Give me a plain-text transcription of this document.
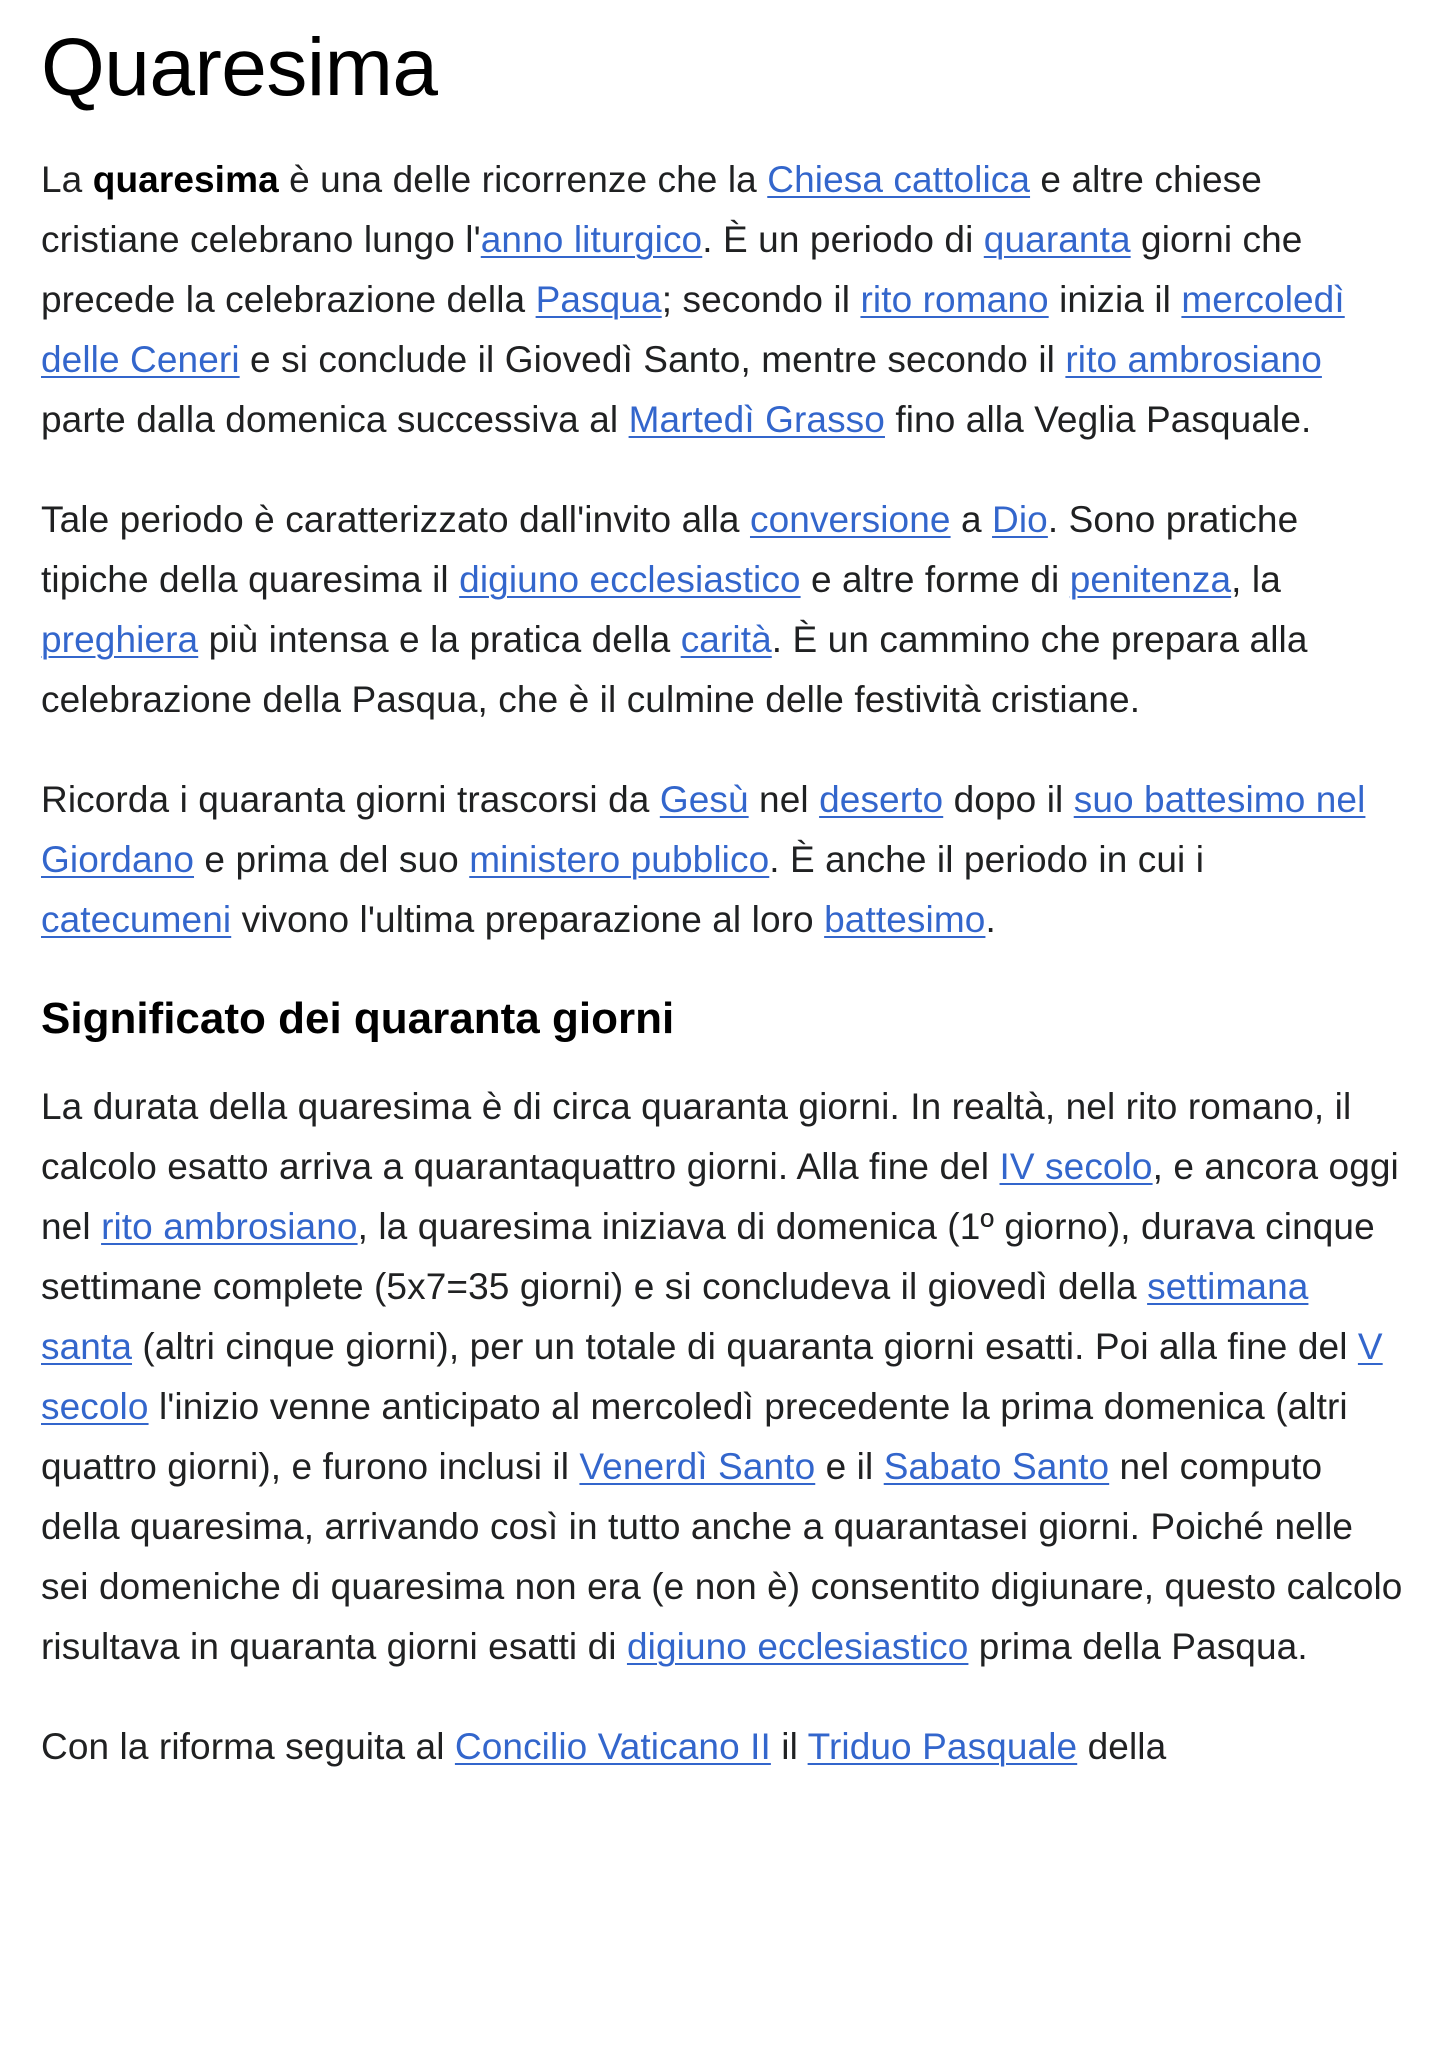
Quaresima

La quaresima è una delle ricorrenze che la Chiesa cattolica e altre chiese cristiane celebrano lungo l'anno liturgico. È un periodo di quaranta giorni che precede la celebrazione della Pasqua; secondo il rito romano inizia il mercoledì delle Ceneri e si conclude il Giovedì Santo, mentre secondo il rito ambrosiano parte dalla domenica successiva al Martedì Grasso fino alla Veglia Pasquale.

Tale periodo è caratterizzato dall'invito alla conversione a Dio. Sono pratiche tipiche della quaresima il digiuno ecclesiastico e altre forme di penitenza, la preghiera più intensa e la pratica della carità. È un cammino che prepara alla celebrazione della Pasqua, che è il culmine delle festività cristiane.

Ricorda i quaranta giorni trascorsi da Gesù nel deserto dopo il suo battesimo nel Giordano e prima del suo ministero pubblico. È anche il periodo in cui i catecumeni vivono l'ultima preparazione al loro battesimo.

Significato dei quaranta giorni

La durata della quaresima è di circa quaranta giorni. In realtà, nel rito romano, il calcolo esatto arriva a quarantaquattro giorni. Alla fine del IV secolo, e ancora oggi nel rito ambrosiano, la quaresima iniziava di domenica (1º giorno), durava cinque settimane complete (5x7=35 giorni) e si concludeva il giovedì della settimana santa (altri cinque giorni), per un totale di quaranta giorni esatti. Poi alla fine del V secolo l'inizio venne anticipato al mercoledì precedente la prima domenica (altri quattro giorni), e furono inclusi il Venerdì Santo e il Sabato Santo nel computo della quaresima, arrivando così in tutto anche a quarantasei giorni. Poiché nelle sei domeniche di quaresima non era (e non è) consentito digiunare, questo calcolo risultava in quaranta giorni esatti di digiuno ecclesiastico prima della Pasqua.

Con la riforma seguita al Concilio Vaticano II il Triduo Pasquale della
